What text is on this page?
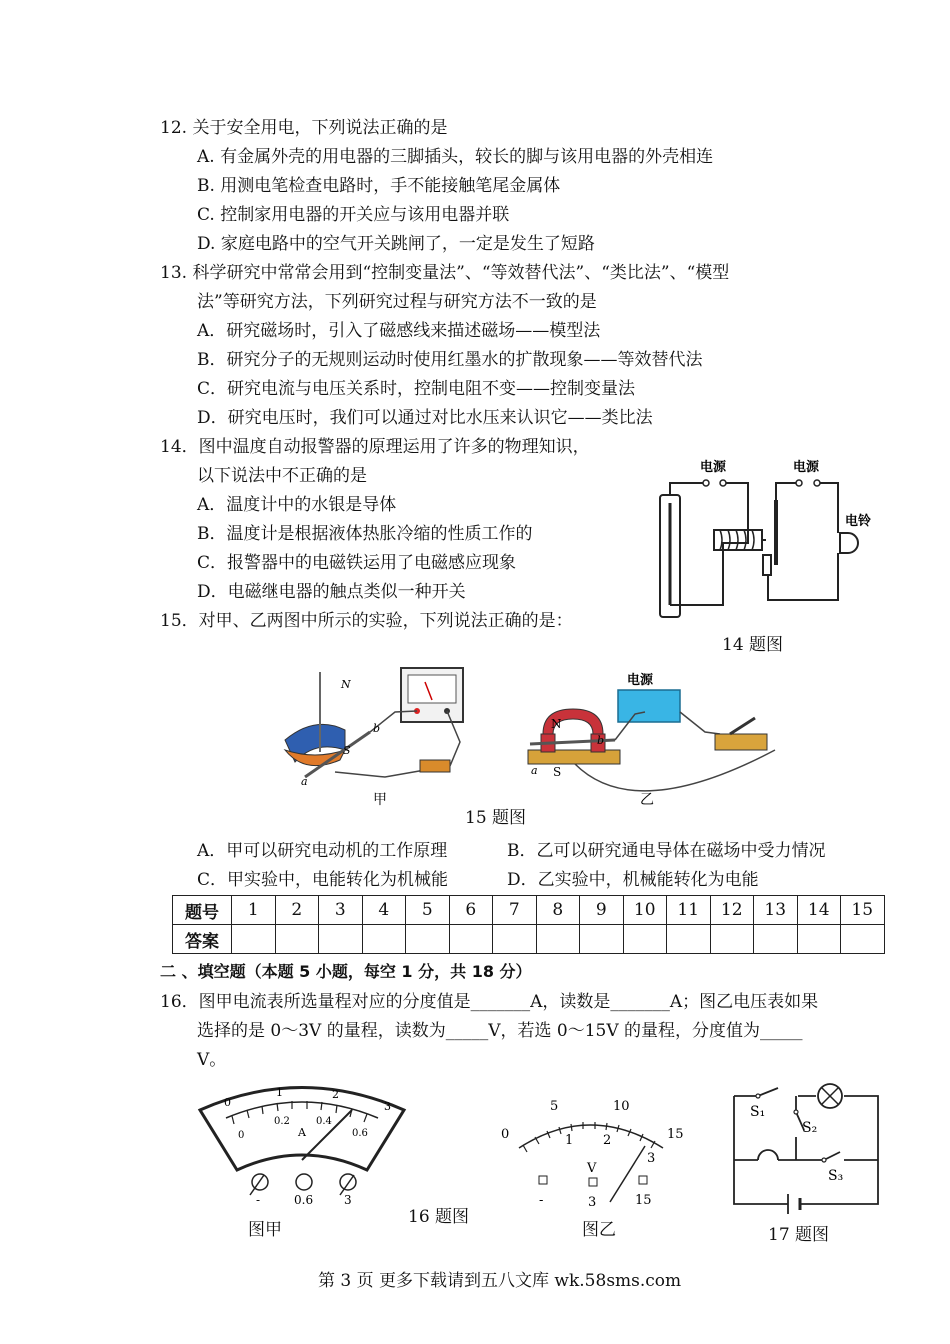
12. 关于安全用电，下列说法正确的是
A. 有金属外壳的用电器的三脚插头，较长的脚与该用电器的外壳相连
B. 用测电笔检查电路时，手不能接触笔尾金属体
C. 控制家用电器的开关应与该用电器并联
D. 家庭电路中的空气开关跳闸了，一定是发生了短路
13. 科学研究中常常会用到“控制变量法”、“等效替代法”、“类比法”、“模型
法”等研究方法，下列研究过程与研究方法不一致的是
A．研究磁场时，引入了磁感线来描述磁场——模型法
B．研究分子的无规则运动时使用红墨水的扩散现象——等效替代法
C．研究电流与电压关系时，控制电阻不变——控制变量法
D．研究电压时，我们可以通过对比水压来认识它——类比法
14．图中温度自动报警器的原理运用了许多的物理知识，
以下说法中不正确的是
A．温度计中的水银是导体
B．温度计是根据液体热胀冷缩的性质工作的
C．报警器中的电磁铁运用了电磁感应现象
D．电磁继电器的触点类似一种开关
电源	电源
电铃
14 题图
15．对甲、乙两图中所示的实验，下列说法正确的是：
N
S
b
a
甲
电源
N
S
a
b
乙
15 题图
A．甲可以研究电动机的工作原理	B．乙可以研究通电导体在磁场中受力情况
C．甲实验中，电能转化为机械能	D．乙实验中，机械能转化为电能
题号	1	2	3	4	5	6	7	8	9	10	11	12	13	14	15
答案															
二 、填空题（本题 5 小题，每空 1 分，共 18 分）
16．图甲电流表所选量程对应的分度值是_______A，读数是_______A；图乙电压表如果
选择的是 0～3V 的量程，读数为_____V，若选 0～15V 的量程，分度值为_____
V。
0
1	2
3
0
0.2	0.4
0.6
A
-	0.6	3
图甲
16 题图
0
5	10
15
1 2
3
V
-	3	15
图乙
S₁
S₂
S₃
17 题图
第 3 页 更多下载请到五八文库 wk.58sms.com
